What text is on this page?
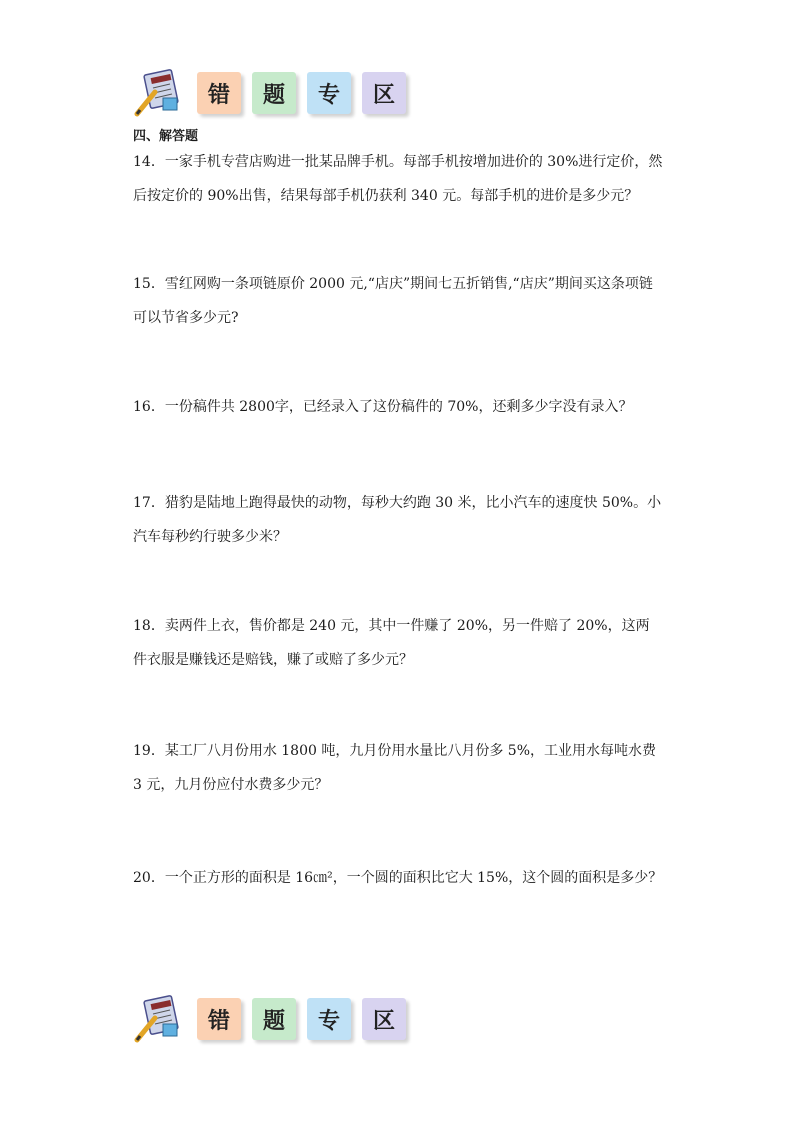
错	题	专	区
四、解答题

14．一家手机专营店购进一批某品牌手机。每部手机按增加进价的 30%进行定价，然后按定价的 90%出售，结果每部手机仍获利 340 元。每部手机的进价是多少元？

15．雪红网购一条项链原价 2000 元,“店庆”期间七五折销售,“店庆”期间买这条项链可以节省多少元?

16．一份稿件共 2800字，已经录入了这份稿件的 70%，还剩多少字没有录入？

17．猎豹是陆地上跑得最快的动物，每秒大约跑 30 米，比小汽车的速度快 50%。小汽车每秒约行驶多少米？

18．卖两件上衣，售价都是 240 元，其中一件赚了 20%，另一件赔了 20%，这两件衣服是赚钱还是赔钱，赚了或赔了多少元？

19．某工厂八月份用水 1800 吨，九月份用水量比八月份多 5%，工业用水每吨水费 3 元，九月份应付水费多少元？

20．一个正方形的面积是 16㎝²，一个圆的面积比它大 15%，这个圆的面积是多少？

错	题	专	区
